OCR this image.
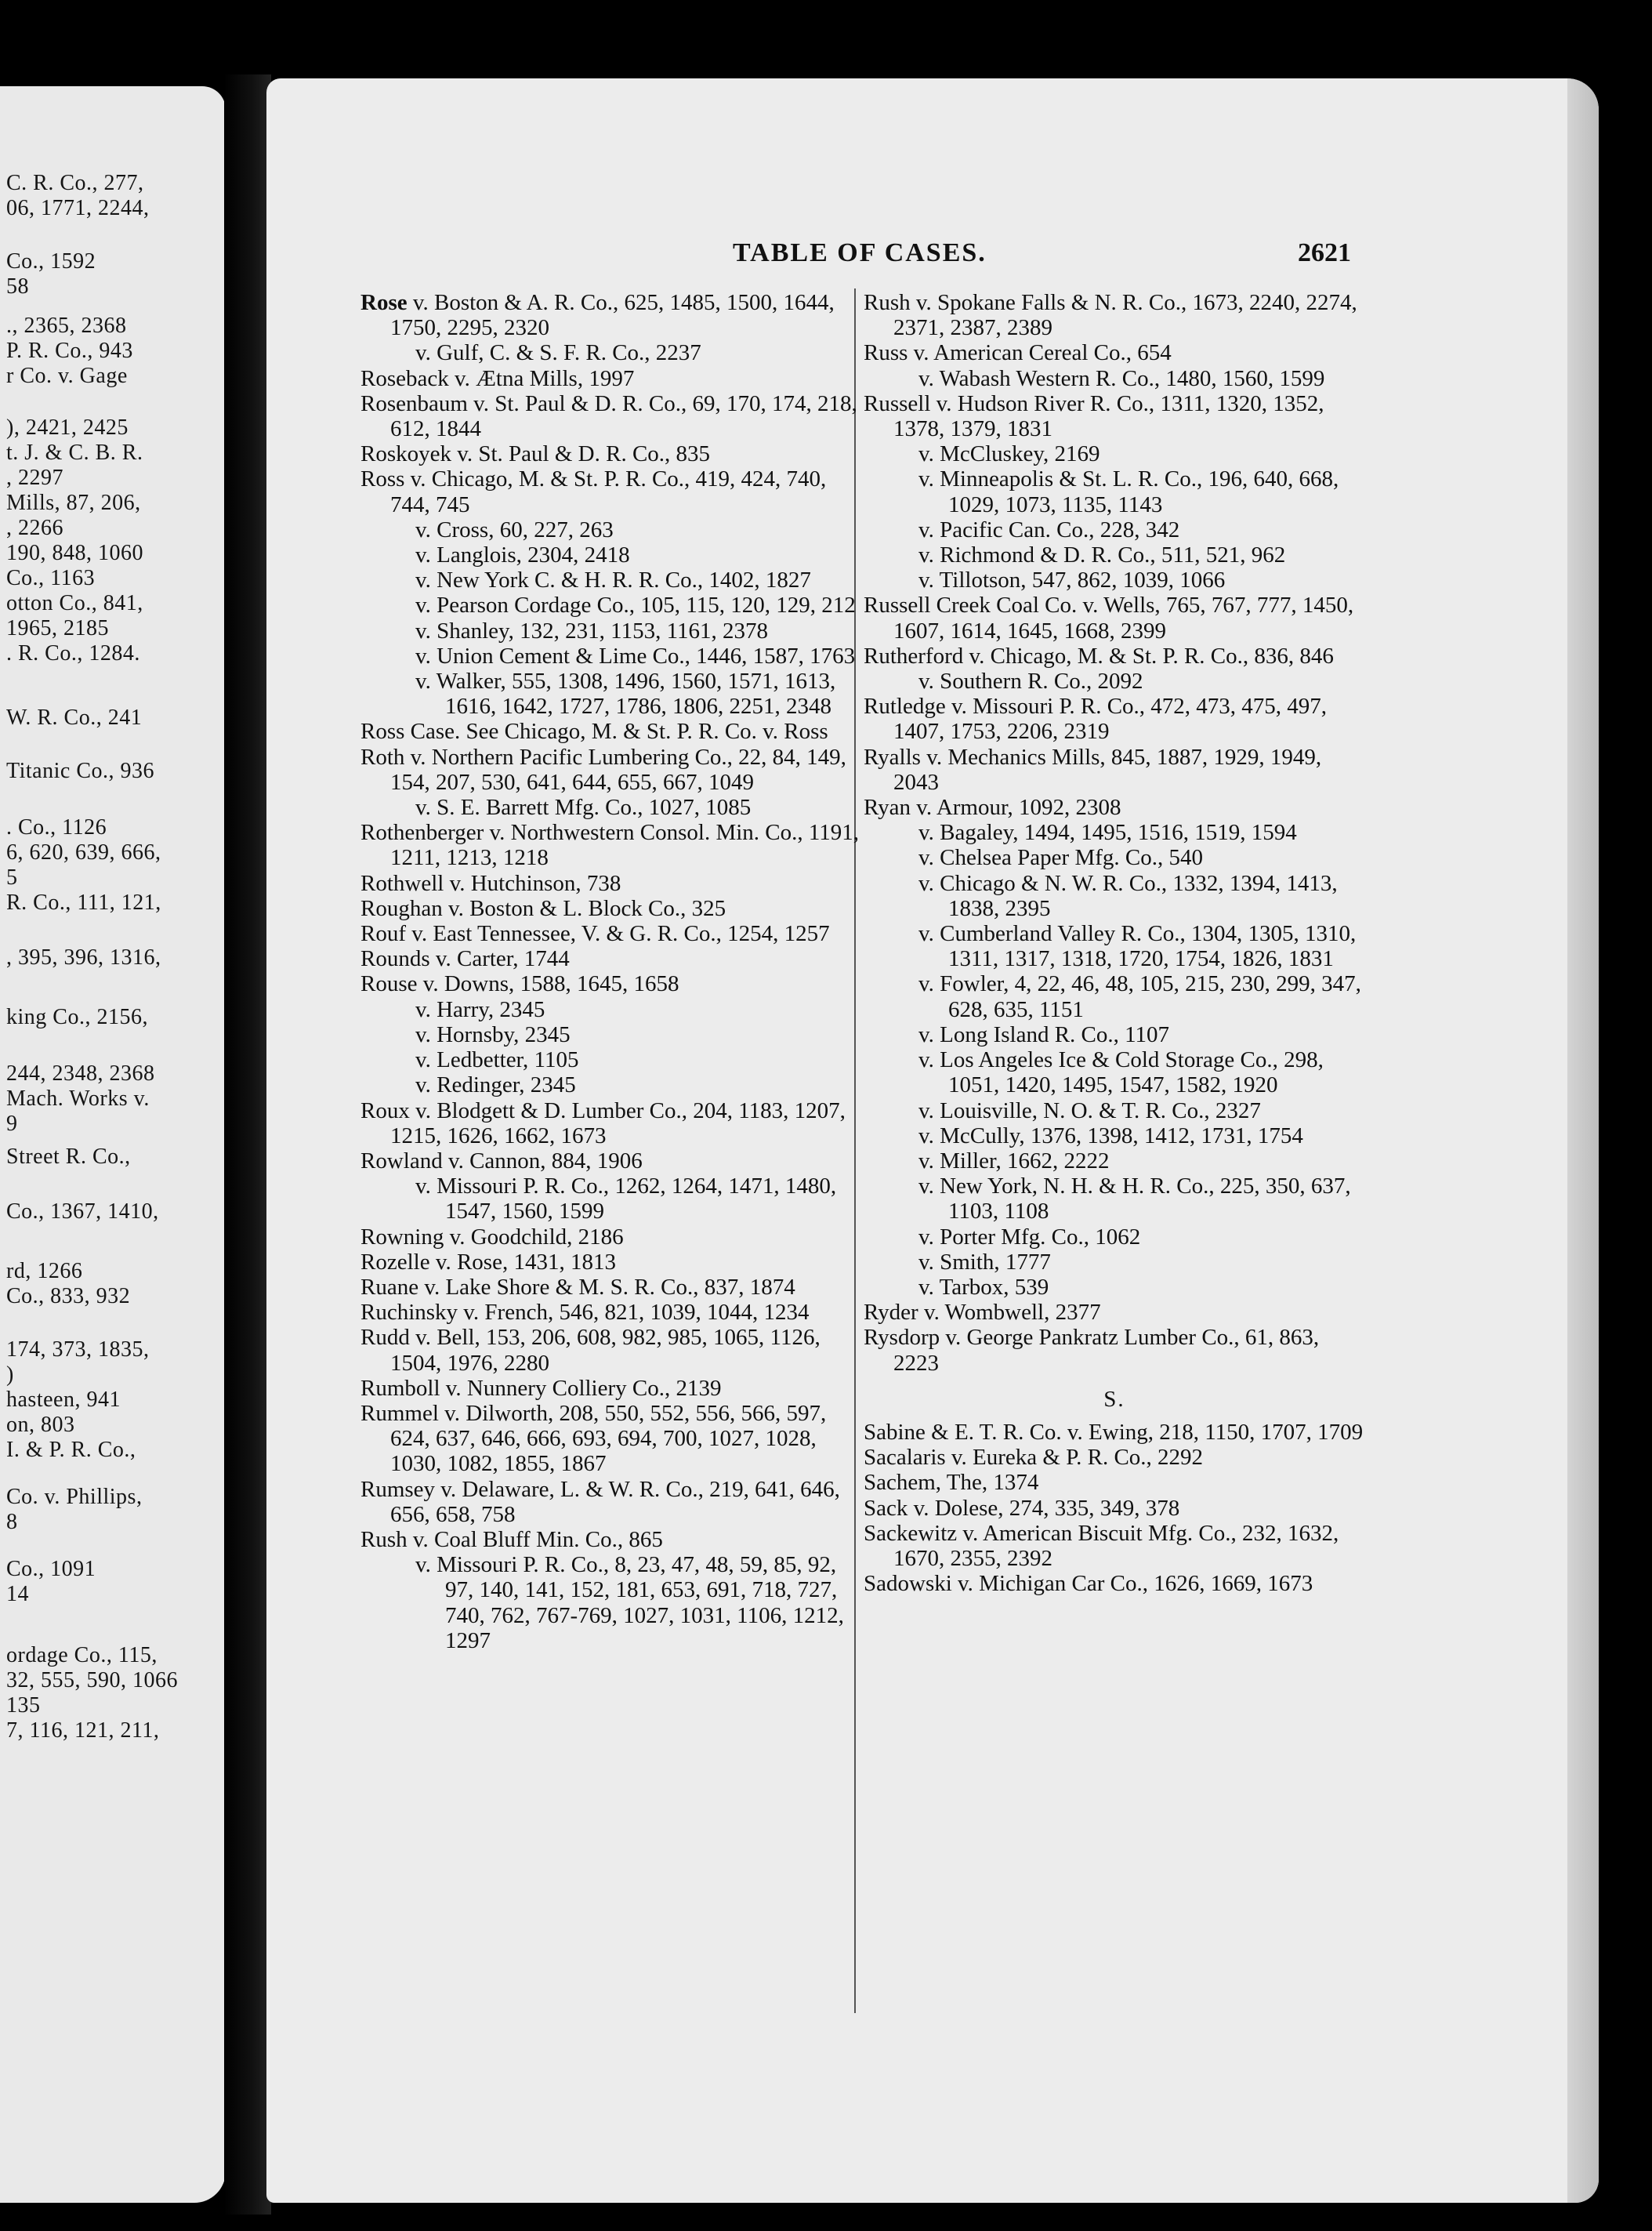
C. R. Co., 277,
06, 1771, 2244,
Co., 1592
58
., 2365, 2368
P. R. Co., 943
r Co. v. Gage
), 2421, 2425
t. J. & C. B. R.
, 2297
Mills, 87, 206,
, 2266
190, 848, 1060
Co., 1163
otton Co., 841,
1965, 2185
. R. Co., 1284.
W. R. Co., 241
Titanic Co., 936
. Co., 1126
6, 620, 639, 666,
5
R. Co., 111, 121,
, 395, 396, 1316,
king Co., 2156,
244, 2348, 2368
Mach. Works v.
9
Street R. Co.,
Co., 1367, 1410,
rd, 1266
Co., 833, 932
174, 373, 1835,
)
hasteen, 941
on, 803
I. & P. R. Co.,
Co. v. Phillips,
8
Co., 1091
14
ordage Co., 115,
32, 555, 590, 1066
135
7, 116, 121, 211,
TABLE OF CASES.	2621
Rose v. Boston & A. R. Co., 625, 1485, 1500, 1644, 1750, 2295, 2320
v. Gulf, C. & S. F. R. Co., 2237
Roseback v. Ætna Mills, 1997
Rosenbaum v. St. Paul & D. R. Co., 69, 170, 174, 218, 612, 1844
Roskoyek v. St. Paul & D. R. Co., 835
Ross v. Chicago, M. & St. P. R. Co., 419, 424, 740, 744, 745
v. Cross, 60, 227, 263
v. Langlois, 2304, 2418
v. New York C. & H. R. R. Co., 1402, 1827
v. Pearson Cordage Co., 105, 115, 120, 129, 212
v. Shanley, 132, 231, 1153, 1161, 2378
v. Union Cement & Lime Co., 1446, 1587, 1763
v. Walker, 555, 1308, 1496, 1560, 1571, 1613, 1616, 1642, 1727, 1786, 1806, 2251, 2348
Ross Case. See Chicago, M. & St. P. R. Co. v. Ross
Roth v. Northern Pacific Lumbering Co., 22, 84, 149, 154, 207, 530, 641, 644, 655, 667, 1049
v. S. E. Barrett Mfg. Co., 1027, 1085
Rothenberger v. Northwestern Consol. Min. Co., 1191, 1211, 1213, 1218
Rothwell v. Hutchinson, 738
Roughan v. Boston & L. Block Co., 325
Rouf v. East Tennessee, V. & G. R. Co., 1254, 1257
Rounds v. Carter, 1744
Rouse v. Downs, 1588, 1645, 1658
v. Harry, 2345
v. Hornsby, 2345
v. Ledbetter, 1105
v. Redinger, 2345
Roux v. Blodgett & D. Lumber Co., 204, 1183, 1207, 1215, 1626, 1662, 1673
Rowland v. Cannon, 884, 1906
v. Missouri P. R. Co., 1262, 1264, 1471, 1480, 1547, 1560, 1599
Rowning v. Goodchild, 2186
Rozelle v. Rose, 1431, 1813
Ruane v. Lake Shore & M. S. R. Co., 837, 1874
Ruchinsky v. French, 546, 821, 1039, 1044, 1234
Rudd v. Bell, 153, 206, 608, 982, 985, 1065, 1126, 1504, 1976, 2280
Rumboll v. Nunnery Colliery Co., 2139
Rummel v. Dilworth, 208, 550, 552, 556, 566, 597, 624, 637, 646, 666, 693, 694, 700, 1027, 1028, 1030, 1082, 1855, 1867
Rumsey v. Delaware, L. & W. R. Co., 219, 641, 646, 656, 658, 758
Rush v. Coal Bluff Min. Co., 865
v. Missouri P. R. Co., 8, 23, 47, 48, 59, 85, 92, 97, 140, 141, 152, 181, 653, 691, 718, 727, 740, 762, 767-769, 1027, 1031, 1106, 1212, 1297
Rush v. Spokane Falls & N. R. Co., 1673, 2240, 2274, 2371, 2387, 2389
Russ v. American Cereal Co., 654
v. Wabash Western R. Co., 1480, 1560, 1599
Russell v. Hudson River R. Co., 1311, 1320, 1352, 1378, 1379, 1831
v. McCluskey, 2169
v. Minneapolis & St. L. R. Co., 196, 640, 668, 1029, 1073, 1135, 1143
v. Pacific Can. Co., 228, 342
v. Richmond & D. R. Co., 511, 521, 962
v. Tillotson, 547, 862, 1039, 1066
Russell Creek Coal Co. v. Wells, 765, 767, 777, 1450, 1607, 1614, 1645, 1668, 2399
Rutherford v. Chicago, M. & St. P. R. Co., 836, 846
v. Southern R. Co., 2092
Rutledge v. Missouri P. R. Co., 472, 473, 475, 497, 1407, 1753, 2206, 2319
Ryalls v. Mechanics Mills, 845, 1887, 1929, 1949, 2043
Ryan v. Armour, 1092, 2308
v. Bagaley, 1494, 1495, 1516, 1519, 1594
v. Chelsea Paper Mfg. Co., 540
v. Chicago & N. W. R. Co., 1332, 1394, 1413, 1838, 2395
v. Cumberland Valley R. Co., 1304, 1305, 1310, 1311, 1317, 1318, 1720, 1754, 1826, 1831
v. Fowler, 4, 22, 46, 48, 105, 215, 230, 299, 347, 628, 635, 1151
v. Long Island R. Co., 1107
v. Los Angeles Ice & Cold Storage Co., 298, 1051, 1420, 1495, 1547, 1582, 1920
v. Louisville, N. O. & T. R. Co., 2327
v. McCully, 1376, 1398, 1412, 1731, 1754
v. Miller, 1662, 2222
v. New York, N. H. & H. R. Co., 225, 350, 637, 1103, 1108
v. Porter Mfg. Co., 1062
v. Smith, 1777
v. Tarbox, 539
Ryder v. Wombwell, 2377
Rysdorp v. George Pankratz Lumber Co., 61, 863, 2223
S.
Sabine & E. T. R. Co. v. Ewing, 218, 1150, 1707, 1709
Sacalaris v. Eureka & P. R. Co., 2292
Sachem, The, 1374
Sack v. Dolese, 274, 335, 349, 378
Sackewitz v. American Biscuit Mfg. Co., 232, 1632, 1670, 2355, 2392
Sadowski v. Michigan Car Co., 1626, 1669, 1673
